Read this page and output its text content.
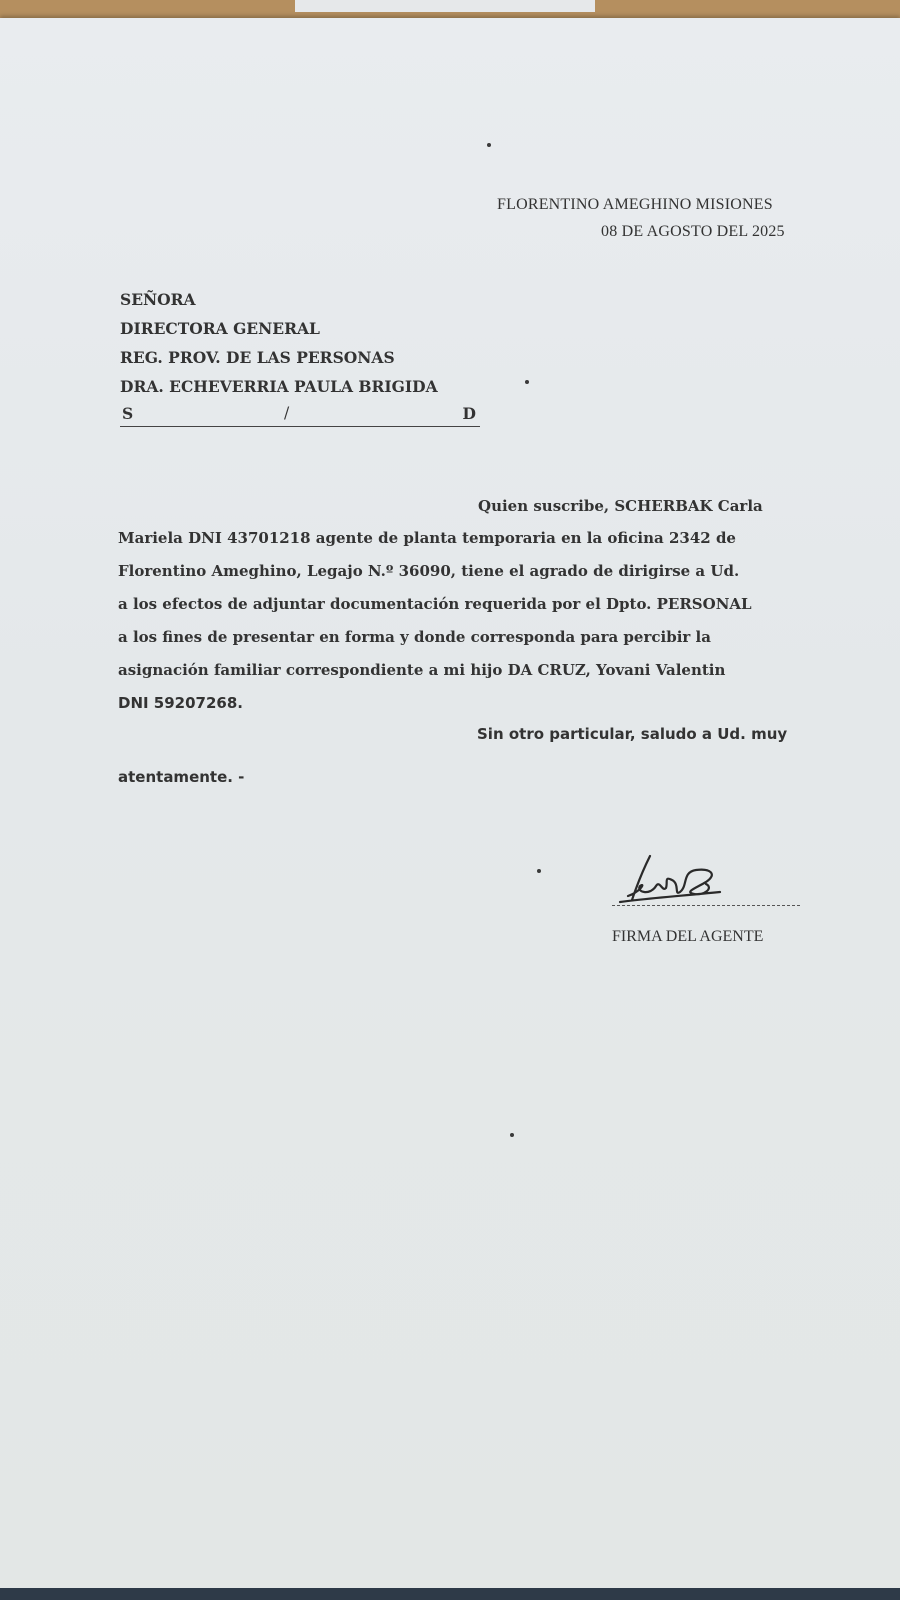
FLORENTINO AMEGHINO MISIONES
08 DE AGOSTO DEL 2025
SEÑORA
DIRECTORA GENERAL
REG. PROV. DE LAS PERSONAS
DRA. ECHEVERRIA PAULA BRIGIDA
S	/	D
Quien suscribe, SCHERBAK Carla
Mariela DNI 43701218 agente de planta temporaria en la oficina 2342 de
Florentino Ameghino, Legajo N.º 36090, tiene el agrado de dirigirse a Ud.
a los efectos de adjuntar documentación requerida por el Dpto. PERSONAL
a los fines de presentar en forma y donde corresponda para percibir la
asignación familiar correspondiente a mi hijo DA CRUZ, Yovani Valentin
DNI 59207268.
Sin otro particular, saludo a Ud. muy
atentamente. -
FIRMA DEL AGENTE
